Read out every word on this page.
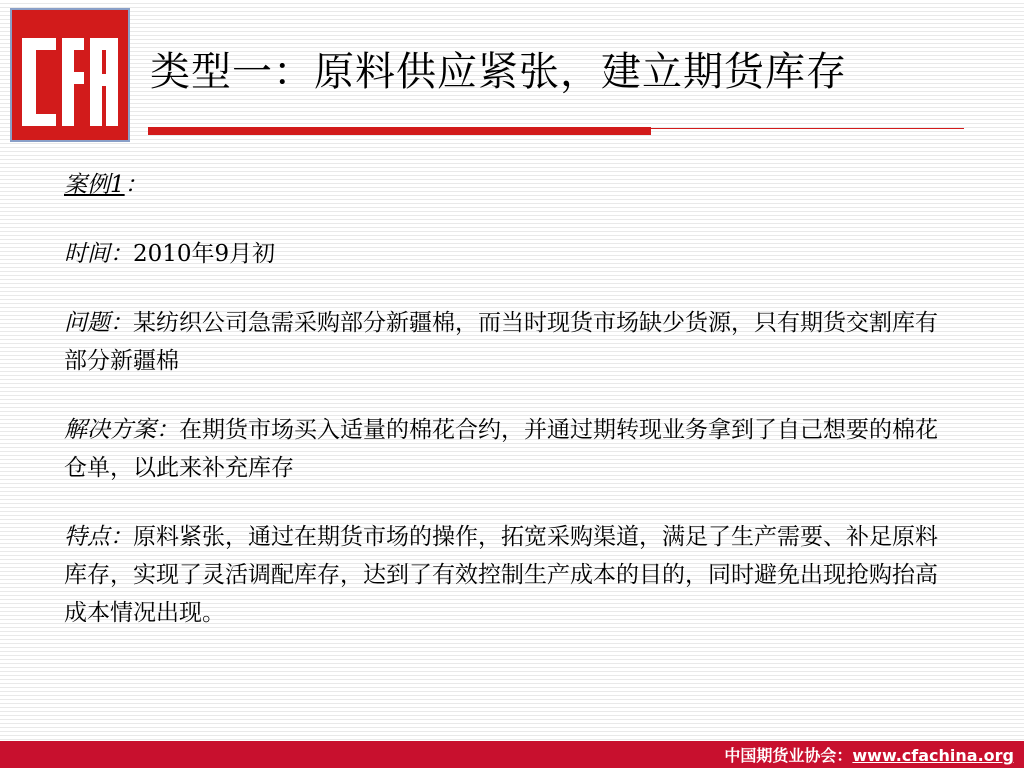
类型一：原料供应紧张，建立期货库存

案例1：

时间：2010年9月初

问题：某纺织公司急需采购部分新疆棉，而当时现货市场缺少货源，只有期货交割库有部分新疆棉

解决方案：在期货市场买入适量的棉花合约，并通过期转现业务拿到了自己想要的棉花仓单，以此来补充库存

特点：原料紧张，通过在期货市场的操作，拓宽采购渠道，满足了生产需要、补足原料库存，实现了灵活调配库存，达到了有效控制生产成本的目的，同时避免出现抢购抬高成本情况出现。

中国期货业协会：www.cfachina.org
